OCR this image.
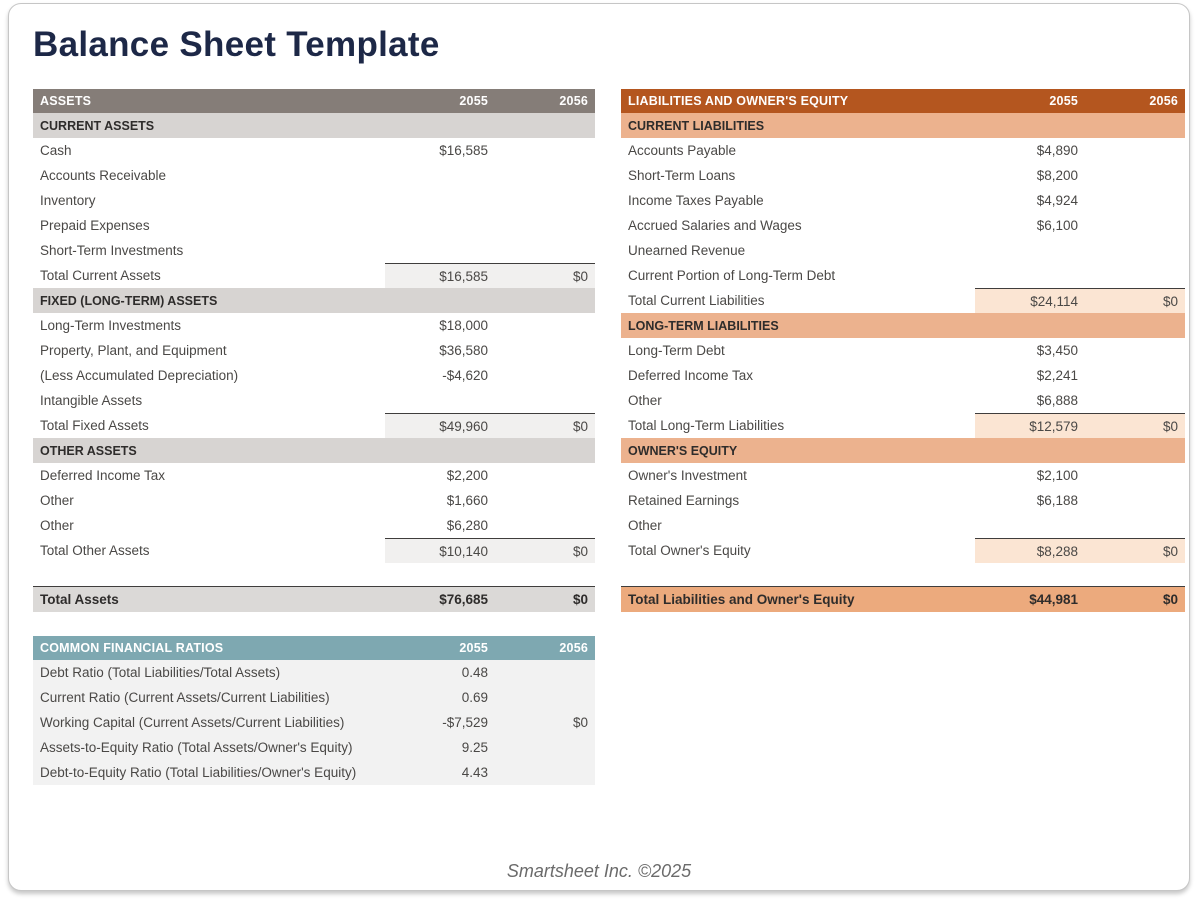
Balance Sheet Template
ASSETS	2055	2056
CURRENT ASSETS
Cash	$16,585
Accounts Receivable
Inventory
Prepaid Expenses
Short-Term Investments
Total Current Assets	$16,585	$0
FIXED (LONG-TERM) ASSETS
Long-Term Investments	$18,000
Property, Plant, and Equipment	$36,580
(Less Accumulated Depreciation)	-$4,620
Intangible Assets
Total Fixed Assets	$49,960	$0
OTHER ASSETS
Deferred Income Tax	$2,200
Other	$1,660
Other	$6,280
Total Other Assets	$10,140	$0
Total Assets	$76,685	$0
COMMON FINANCIAL RATIOS	2055	2056
Debt Ratio (Total Liabilities/Total Assets)	0.48
Current Ratio (Current Assets/Current Liabilities)	0.69
Working Capital (Current Assets/Current Liabilities)	-$7,529	$0
Assets-to-Equity Ratio (Total Assets/Owner's Equity)	9.25
Debt-to-Equity Ratio (Total Liabilities/Owner's Equity)	4.43
LIABILITIES AND OWNER'S EQUITY	2055	2056
CURRENT LIABILITIES
Accounts Payable	$4,890
Short-Term Loans	$8,200
Income Taxes Payable	$4,924
Accrued Salaries and Wages	$6,100
Unearned Revenue
Current Portion of Long-Term Debt
Total Current Liabilities	$24,114	$0
LONG-TERM LIABILITIES
Long-Term Debt	$3,450
Deferred Income Tax	$2,241
Other	$6,888
Total Long-Term Liabilities	$12,579	$0
OWNER'S EQUITY
Owner's Investment	$2,100
Retained Earnings	$6,188
Other
Total Owner's Equity	$8,288	$0
Total Liabilities and Owner's Equity	$44,981	$0
Smartsheet Inc. ©2025
